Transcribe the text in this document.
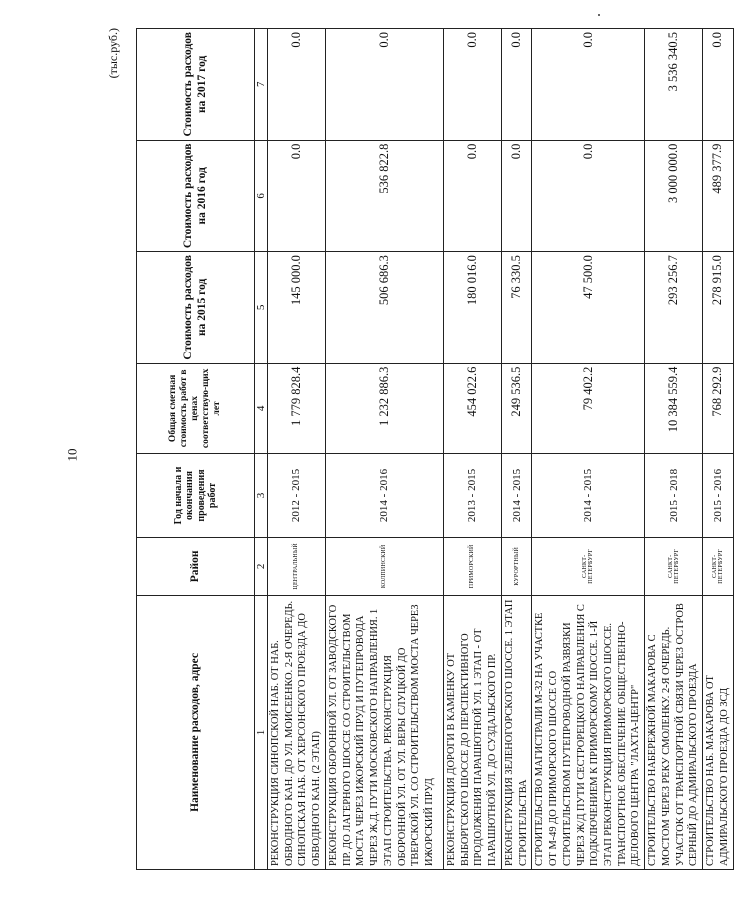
10
(тыс.руб.)
Наименование расходов, адрес	Район	Год начала и окончания проведения работ	Общая сметная стоимость работ в ценах соответствую-щих лет	Стоимость расходов на 2015 год	Стоимость расходов на 2016 год	Стоимость расходов на 2017 год
1	2	3	4	5	6	7
РЕКОНСТРУКЦИЯ СИНОПСКОЙ НАБ. ОТ НАБ. ОБВОДНОГО КАН. ДО УЛ. МОИСЕЕНКО. 2-Я ОЧЕРЕДЬ. СИНОПСКАЯ НАБ. ОТ ХЕРСОНСКОГО ПРОЕЗДА ДО ОБВОДНОГО КАН. (2 ЭТАП)	ЦЕНТРАЛЬНЫЙ	2012 - 2015	1 779 828.4	145 000.0	0.0	0.0
РЕКОНСТРУКЦИЯ ОБОРОННОЙ УЛ. ОТ ЗАВОДСКОГО ПР. ДО ЛАГЕРНОГО ШОССЕ СО СТРОИТЕЛЬСТВОМ МОСТА ЧЕРЕЗ ИЖОРСКИЙ ПРУД И ПУТЕПРОВОДА ЧЕРЕЗ Ж.Д. ПУТИ МОСКОВСКОГО НАПРАВЛЕНИЯ. 1 ЭТАП СТРОИТЕЛЬСТВА. РЕКОНСТРУКЦИЯ ОБОРОННОЙ УЛ. ОТ УЛ. ВЕРЫ СЛУЦКОЙ ДО ТВЕРСКОЙ УЛ. СО СТРОИТЕЛЬСТВОМ МОСТА ЧЕРЕЗ ИЖОРСКИЙ ПРУД	КОЛПИНСКИЙ	2014 - 2016	1 232 886.3	506 686.3	536 822.8	0.0
РЕКОНСТРУКЦИЯ ДОРОГИ В КАМЕНКУ ОТ ВЫБОРГСКОГО ШОССЕ ДО ПЕРСПЕКТИВНОГО ПРОДОЛЖЕНИЯ ПАРАШЮТНОЙ УЛ. 1 ЭТАП - ОТ ПАРАШЮТНОЙ УЛ. ДО СУЗДАЛЬСКОГО ПР.	ПРИМОРСКИЙ	2013 - 2015	454 022.6	180 016.0	0.0	0.0
РЕКОНСТРУКЦИЯ ЗЕЛЕНОГОРСКОГО ШОССЕ. 1 ЭТАП СТРОИТЕЛЬСТВА	КУРОРТНЫЙ	2014 - 2015	249 536.5	76 330.5	0.0	0.0
СТРОИТЕЛЬСТВО МАГИСТРАЛИ М-32 НА УЧАСТКЕ ОТ М-49 ДО ПРИМОРСКОГО ШОССЕ СО СТРОИТЕЛЬСТВОМ ПУТЕПРОВОДНОЙ РАЗВЯЗКИ ЧЕРЕЗ Ж/Д ПУТИ СЕСТРОРЕЦКОГО НАПРАВЛЕНИЯ С ПОДКЛЮЧЕНИЕМ К ПРИМОРСКОМУ ШОССЕ. 1-Й ЭТАП РЕКОНСТРУКЦИЯ ПРИМОРСКОГО ШОССЕ. ТРАНСПОРТНОЕ ОБЕСПЕЧЕНИЕ ОБЩЕСТВЕННО-ДЕЛОВОГО ЦЕНТРА "ЛАХТА-ЦЕНТР"	САНКТ-ПЕТЕРБУРГ	2014 - 2015	79 402.2	47 500.0	0.0	0.0
СТРОИТЕЛЬСТВО НАБЕРЕЖНОЙ МАКАРОВА С МОСТОМ ЧЕРЕЗ РЕКУ СМОЛЕНКУ. 2-Я ОЧЕРЕДЬ. УЧАСТОК ОТ ТРАНСПОРТНОЙ СВЯЗИ ЧЕРЕЗ ОСТРОВ СЕРНЫЙ ДО АДМИРАЛЬСКОГО ПРОЕЗДА	САНКТ-ПЕТЕРБУРГ	2015 - 2018	10 384 559.4	293 256.7	3 000 000.0	3 536 340.5
СТРОИТЕЛЬСТВО НАБ. МАКАРОВА ОТ АДМИРАЛЬСКОГО ПРОЕЗДА ДО ЗСД	САНКТ-ПЕТЕРБУРГ	2015 - 2016	768 292.9	278 915.0	489 377.9	0.0
